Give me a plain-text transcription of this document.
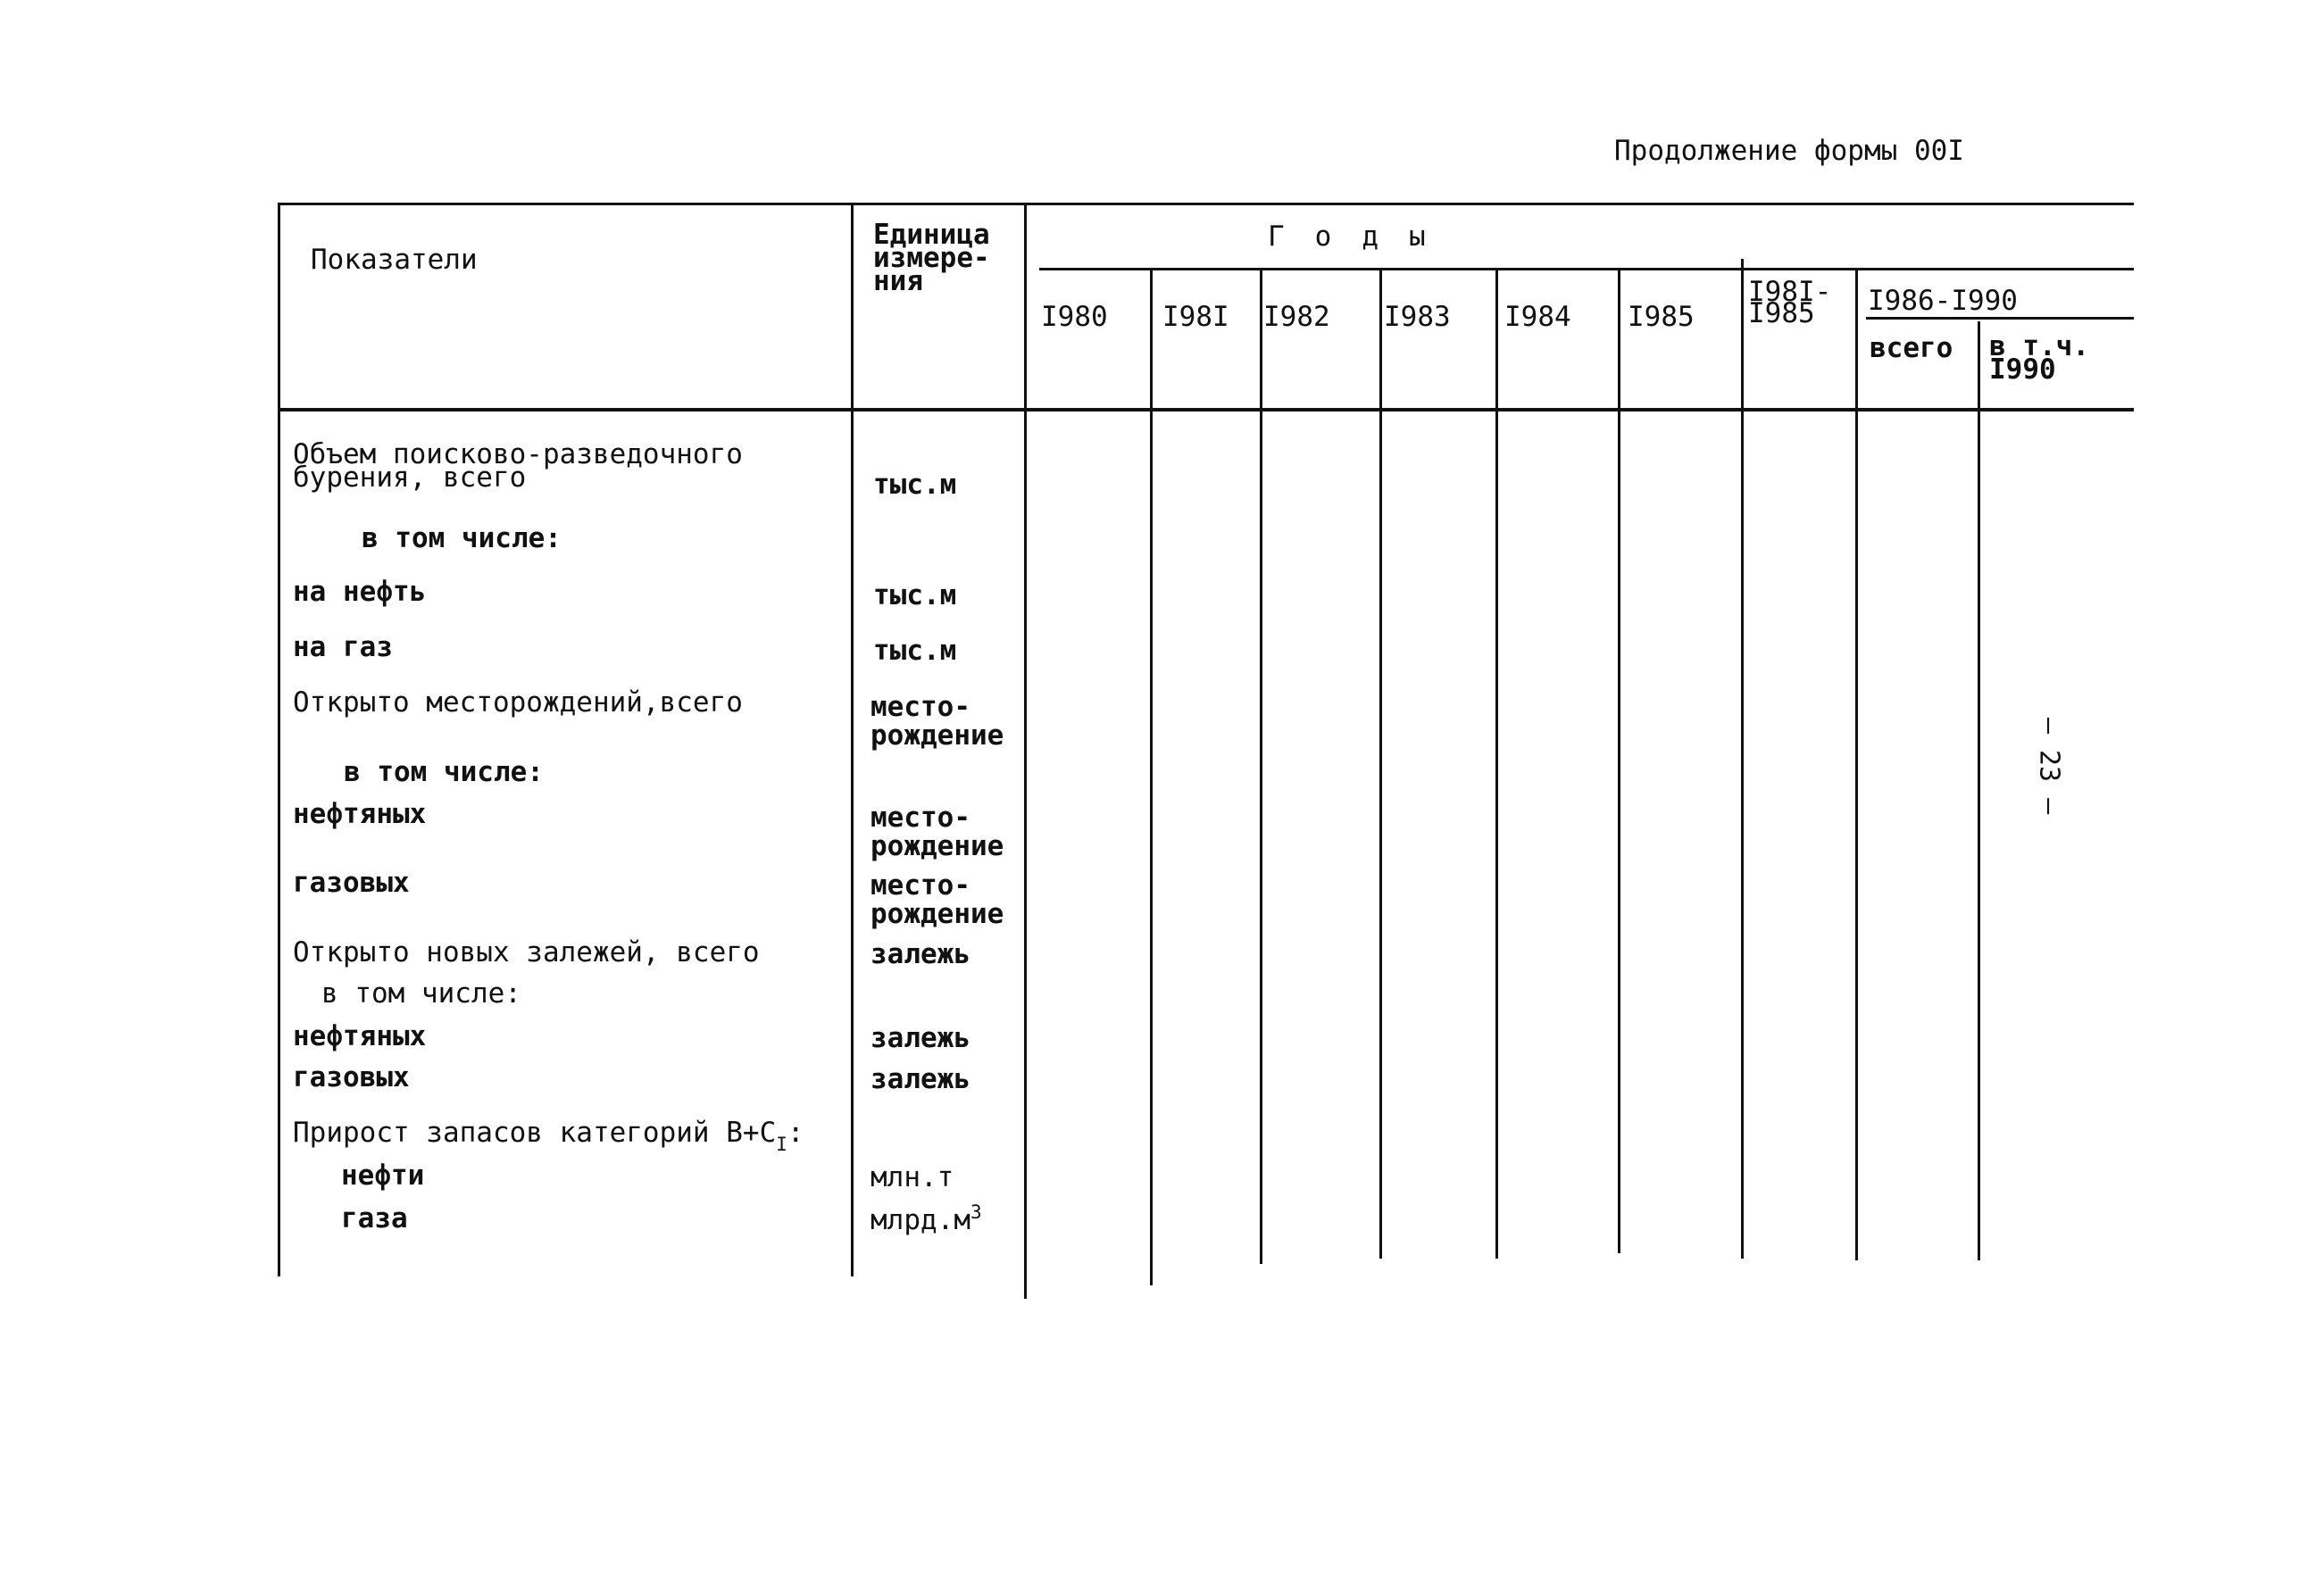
Продолжение формы 00I
Показатели
Единица
измере-
ния
Годы
I980 I98I I982 I983 I984 I985
I98I-
I985	I986-I990
всего в т.ч.
I990
Объем поисково-разведочного
бурения, всего
в том числе:
на нефть
на газ
Открыто месторождений,всего
в том числе:
нефтяных
газовых
Открыто новых залежей, всего
в том числе:
нефтяных
газовых
Прирост запасов категорий $В+С_I$:
нефти
газа
тыс.м
тыс.м
тыс.м
место-
рождение
место-
рождение
место-
рождение
залежь
залежь
залежь
млн.т
$млрд.м^3$
– 23 –
